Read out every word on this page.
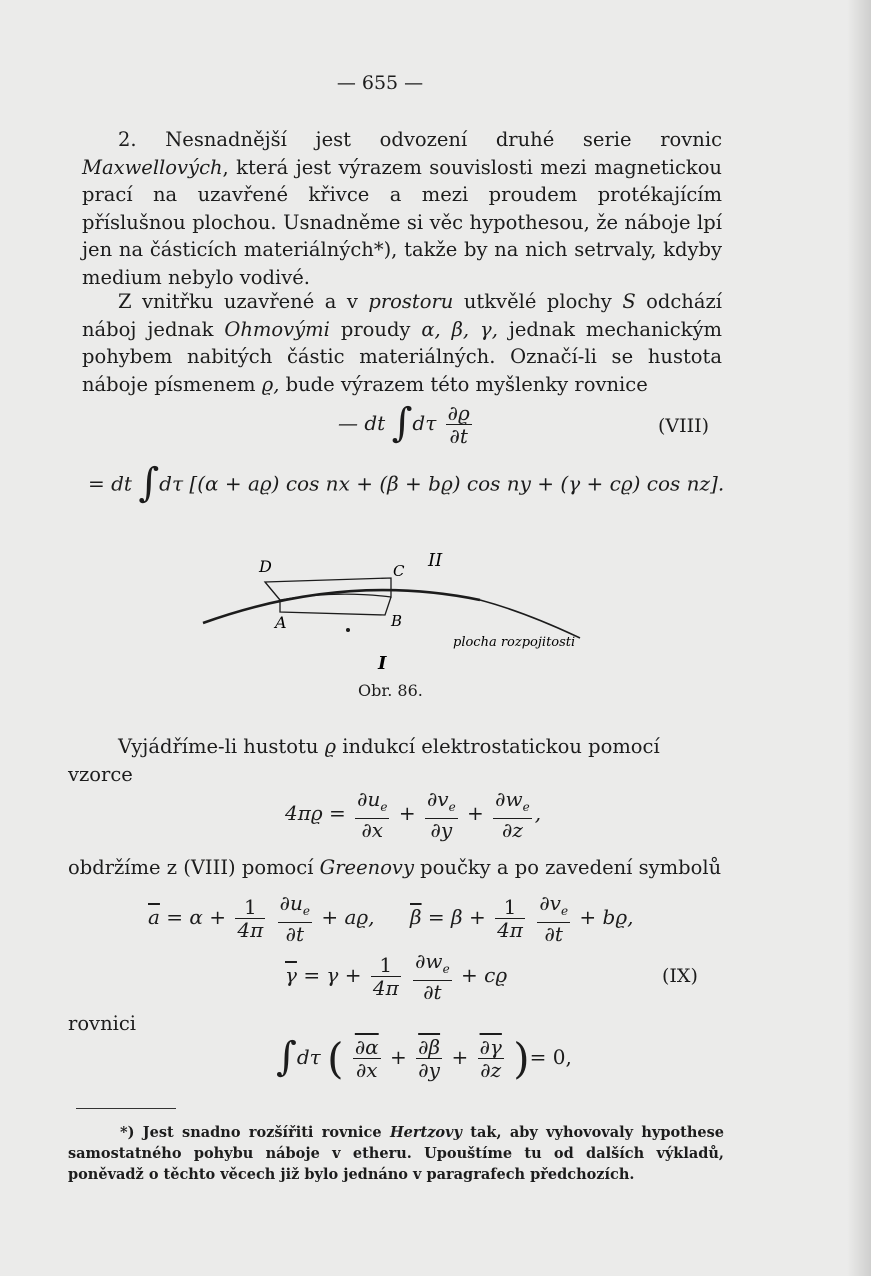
— 655 —

2. Nesnadnější jest odvození druhé serie rovnic Maxwellových, která jest výrazem souvislosti mezi magnetickou prací na uzavřené křivce a mezi proudem protékajícím příslušnou plochou. Usnadněme si věc hypothesou, že náboje lpí jen na částicích materiálných*), takže by na nich setrvaly, kdyby medium nebylo vodivé.

Z vnitřku uzavřené a v prostoru utkvělé plochy S odchází náboj jednak Ohmovými proudy α, β, γ, jednak mechanickým pohybem nabitých částic materiálných. Označí-li se hustota náboje písmenem ϱ, bude výrazem této myšlenky rovnice

— dt $\int d\tau \frac{\partial ϱ}{\partial t}$	(VIII)
= dt ∫dτ [(α + aϱ) cos nx + (β + bϱ) cos ny + (γ + cϱ) cos nz].
D	C II
A	B
I
plocha rozpojitosti
Obr. 86.
Vyjádříme-li hustotu ϱ indukcí elektrostatickou pomocí
vzorce
$4\pi ϱ = \frac{\partial u_e}{\partial x} + \frac{\partial v_e}{\partial y} + \frac{\partial w_e}{\partial z}$ ,
obdržíme z (VIII) pomocí Greenovy poučky a po zavedení symbolů
$\overline{a} = \alpha + \frac{1}{4\pi}$
$\frac{\partial u_e}{\partial t} + aϱ$, $\overline{\beta} = \beta + \frac{1}{4\pi}$
$\frac{\partial v_e}{\partial t} + bϱ$,
$\overline{\gamma} = \gamma + \frac{1}{4\pi}$
$\frac{\partial w_e}{\partial t} + cϱ$	(IX)
rovnici
∫dτ ( $\frac{\partial\alpha}{\partial x} + \frac{\partial\beta}{\partial y} + \frac{\partial\gamma}{\partial z}$ )= 0,

*) Jest snadno rozšířiti rovnice Hertzovy tak, aby vyhovovaly hypothese samostatného pohybu náboje v etheru. Upouštíme tu od dalších výkladů, poněvadž o těchto věcech již bylo jednáno v paragrafech předchozích.
